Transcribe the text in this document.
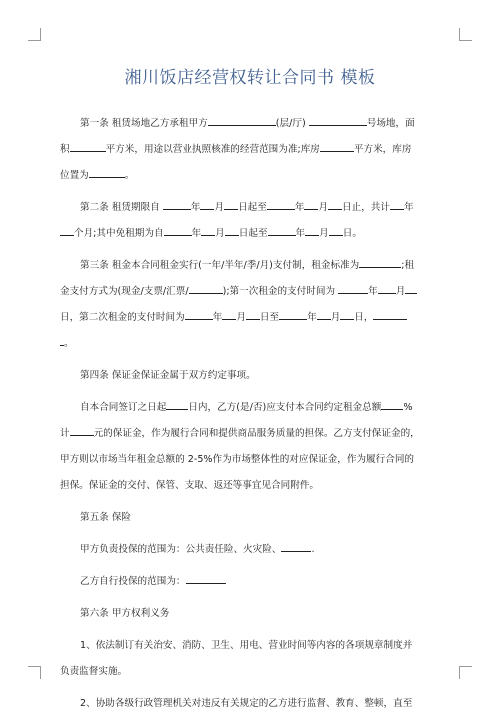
湘川饭店经营权转让合同书 模板

第一条 租赁场地乙方承租甲方	(层/厅)	号场地，面

积	平方米，用途以营业执照核准的经营范围为准;库房	平方米，库房

位置为	。

第二条 租赁期限自	年 月 日起至	年 月 日止，共计 年

个月;其中免租期为自	年 月 日起至	年 月 日。

第三条 租金本合同租金实行(一年/半年/季/月)支付制，租金标准为	;租

金支付方式为(现金/支票/汇票/	);第一次租金的支付时间为	年 月

日，第二次租金的支付时间为	年 月 日至	年 月 日，

。

第四条 保证金保证金属于双方约定事项。

自本合同签订之日起 日内，乙方(是/否)应支付本合同约定租金总额 %

计	元的保证金，作为履行合同和提供商品服务质量的担保。乙方支付保证金的，

甲方则以市场当年租金总额的 2-5%作为市场整体性的对应保证金，作为履行合同的

担保。保证金的交付、保管、支取、返还等事宜见合同附件。

第五条 保险

甲方负责投保的范围为：公共责任险、火灾险、	.

乙方自行投保的范围为：

第六条 甲方权利义务

1、依法制订有关治安、消防、卫生、用电、营业时间等内容的各项规章制度并

负责监督实施。

2、协助各级行政管理机关对违反有关规定的乙方进行监督、教育、整顿，直至
